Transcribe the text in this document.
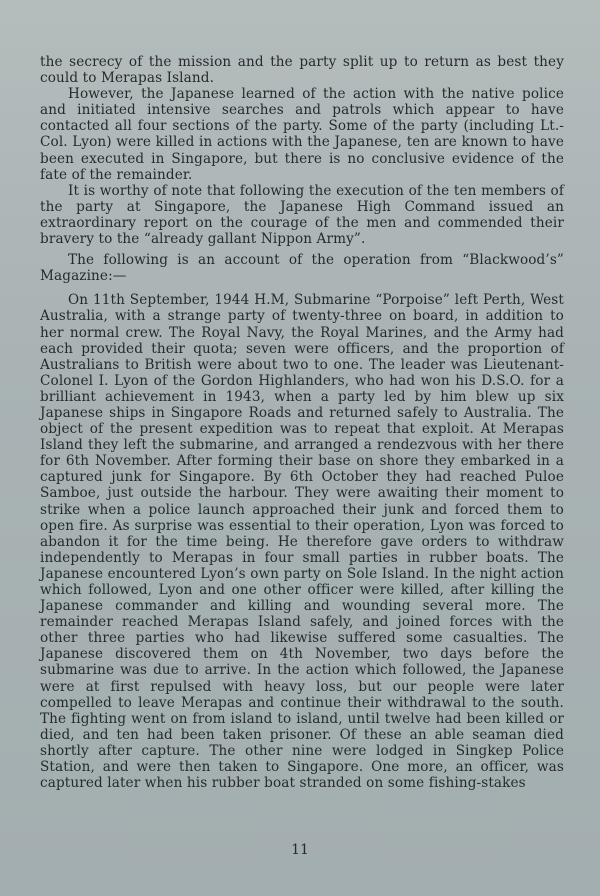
the secrecy of the mission and the party split up to return as best they could to Merapas Island.

However, the Japanese learned of the action with the native police and initiated intensive searches and patrols which appear to have contacted all four sections of the party. Some of the party (including Lt.-Col. Lyon) were killed in actions with the Japanese, ten are known to have been executed in Singapore, but there is no conclusive evidence of the fate of the remainder.

It is worthy of note that following the execution of the ten members of the party at Singapore, the Japanese High Command issued an extraordinary report on the courage of the men and commended their bravery to the “already gallant Nippon Army”.

The following is an account of the operation from “Blackwood’s” Magazine:—

On 11th September, 1944 H.M, Submarine “Porpoise” left Perth, West Australia, with a strange party of twenty-three on board, in addition to her normal crew. The Royal Navy, the Royal Marines, and the Army had each provided their quota; seven were officers, and the proportion of Australians to British were about two to one. The leader was Lieutenant-Colonel I. Lyon of the Gordon Highlanders, who had won his D.S.O. for a brilliant achievement in 1943, when a party led by him blew up six Japanese ships in Singapore Roads and returned safely to Australia. The object of the present expedition was to repeat that exploit. At Merapas Island they left the submarine, and arranged a rendezvous with her there for 6th November. After forming their base on shore they embarked in a captured junk for Singapore. By 6th October they had reached Puloe Samboe, just outside the harbour. They were awaiting their moment to strike when a police launch approached their junk and forced them to open fire. As surprise was essential to their operation, Lyon was forced to abandon it for the time being. He therefore gave orders to withdraw independently to Merapas in four small parties in rubber boats. The Japanese encountered Lyon’s own party on Sole Island. In the night action which followed, Lyon and one other officer were killed, after killing the Japanese commander and killing and wounding several more. The remainder reached Merapas Island safely, and joined forces with the other three parties who had likewise suffered some casualties. The Japanese discovered them on 4th November, two days before the submarine was due to arrive. In the action which followed, the Japanese were at first repulsed with heavy loss, but our people were later compelled to leave Merapas and continue their withdrawal to the south. The fighting went on from island to island, until twelve had been killed or died, and ten had been taken prisoner. Of these an able seaman died shortly after capture. The other nine were lodged in Singkep Police Station, and were then taken to Singapore. One more, an officer, was captured later when his rubber boat stranded on some fishing-stakes

11
